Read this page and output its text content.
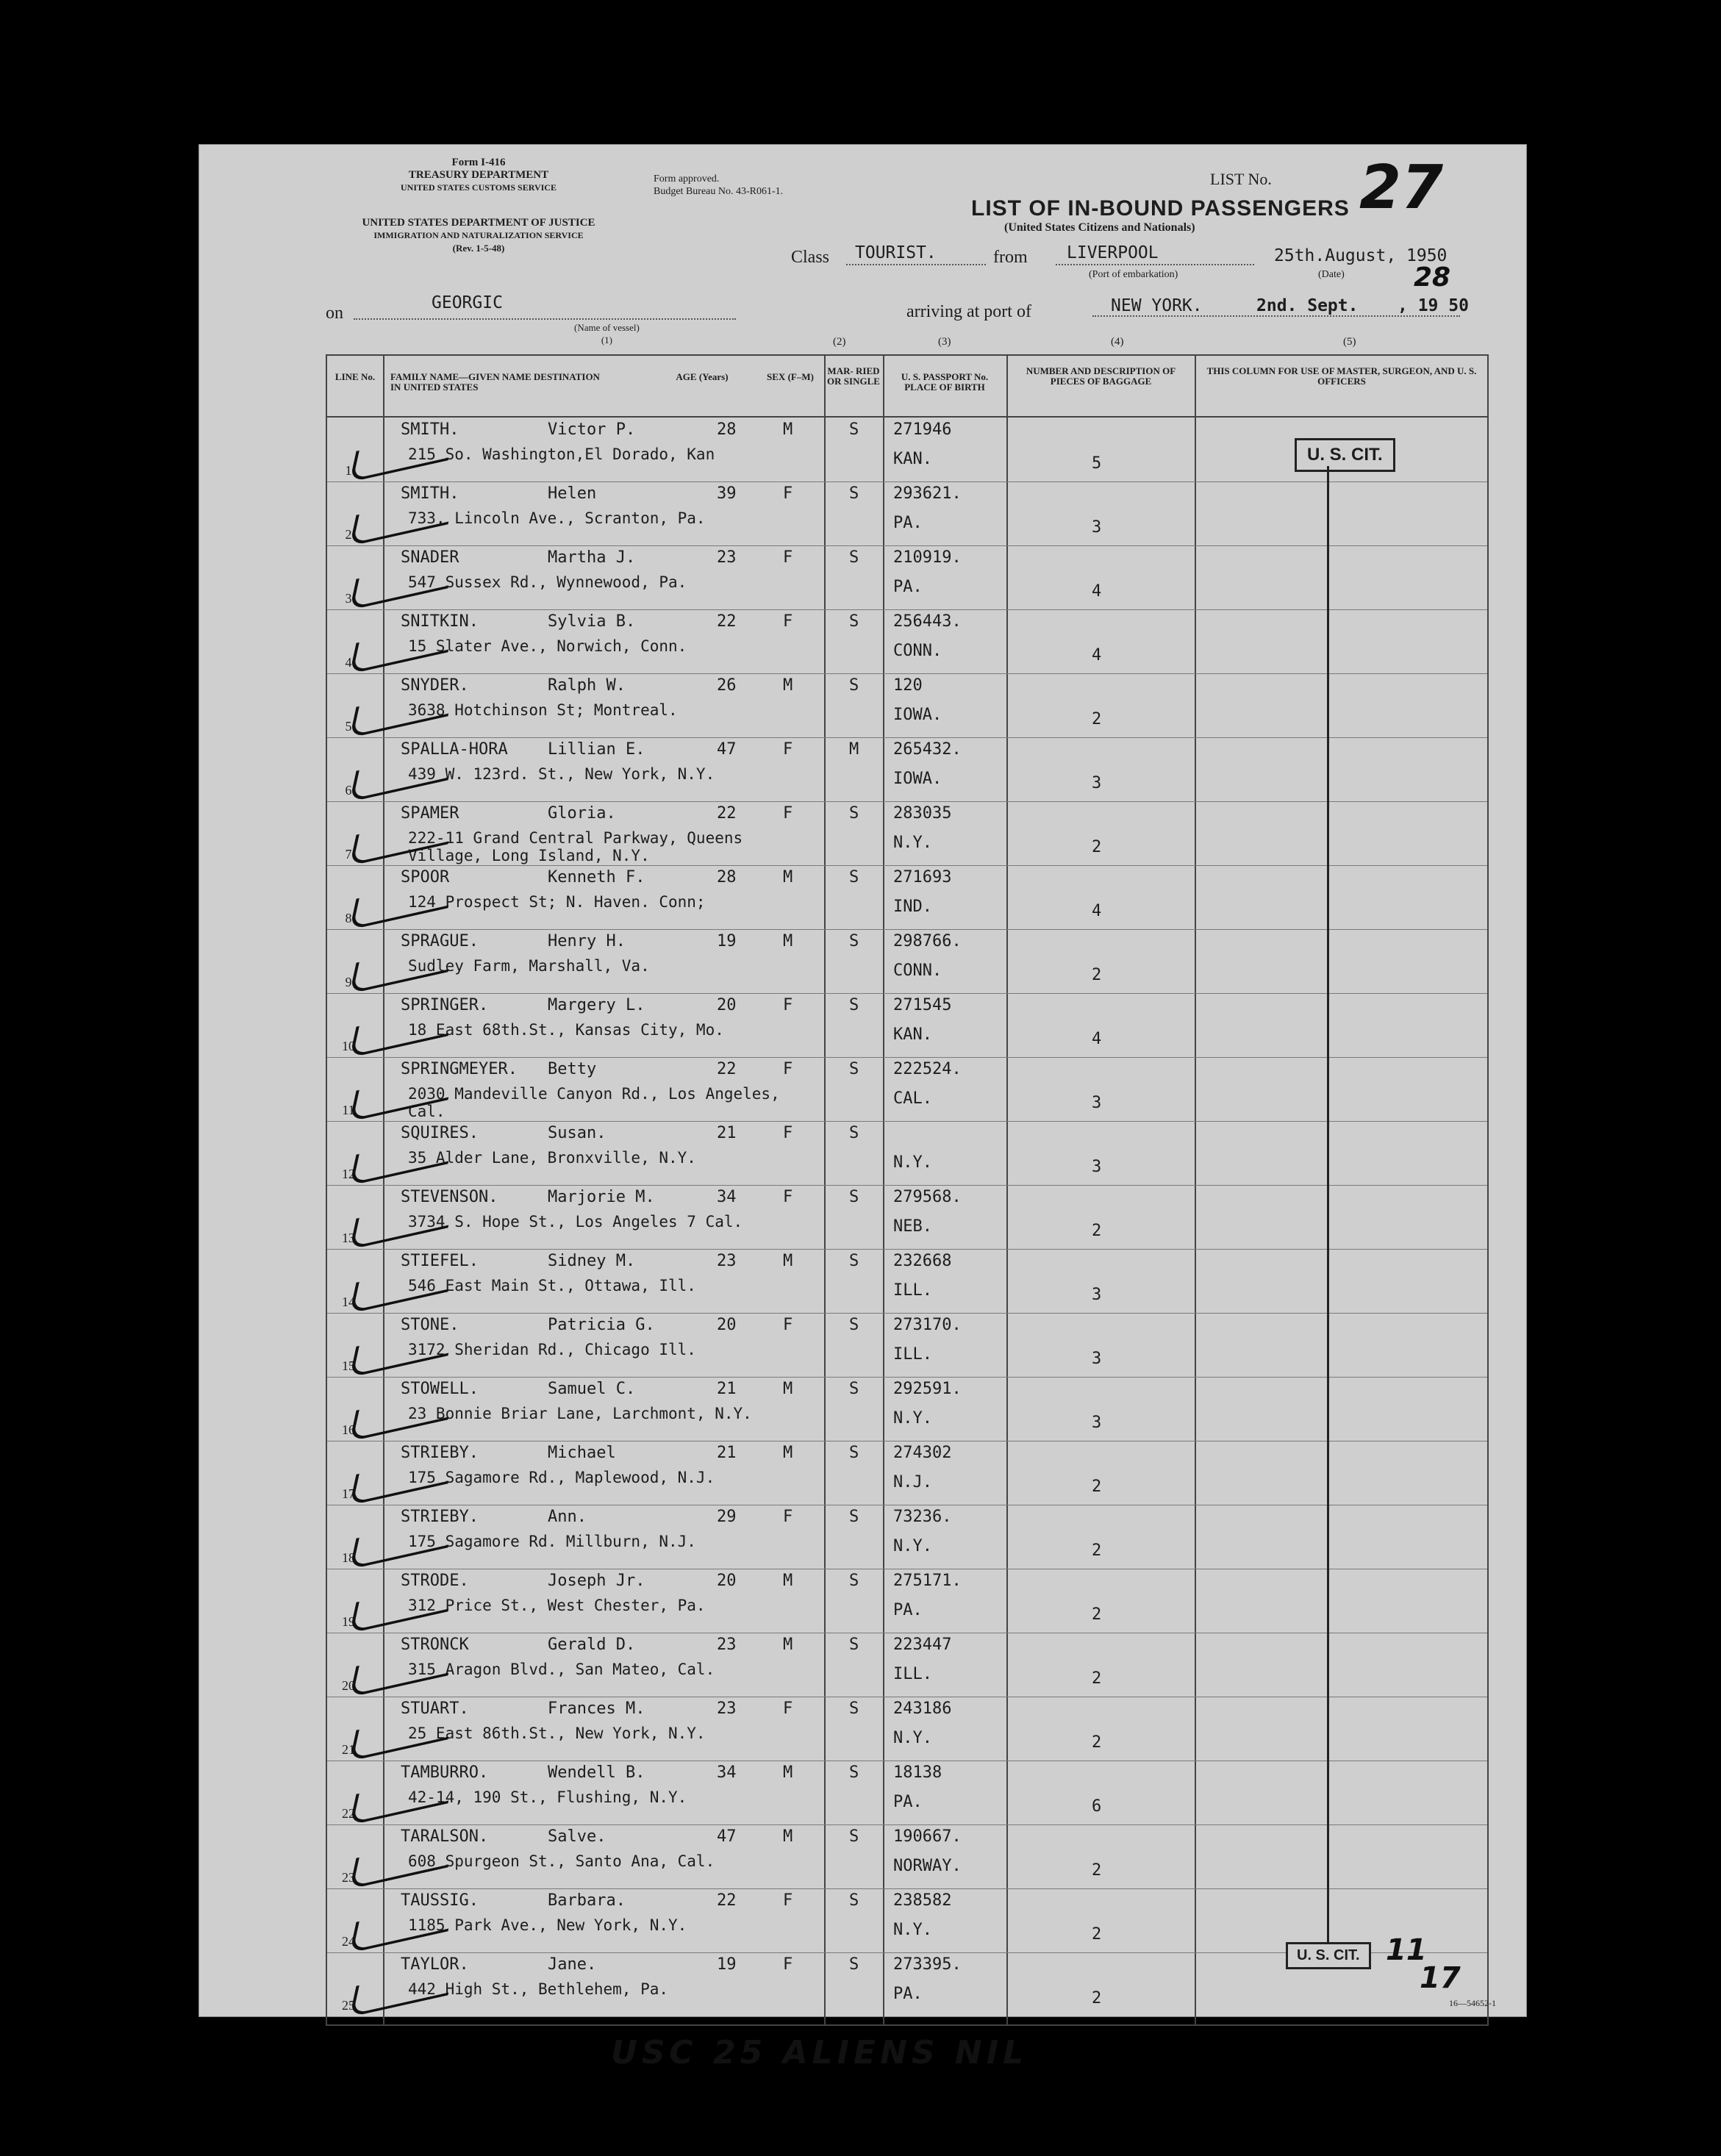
Form I-416
TREASURY DEPARTMENT
UNITED STATES CUSTOMS SERVICE
UNITED STATES DEPARTMENT OF JUSTICE
IMMIGRATION AND NATURALIZATION SERVICE
(Rev. 1-5-48)
Form approved.
Budget Bureau No. 43-R061-1.
LIST No. 27
LIST OF IN-BOUND PASSENGERS
(United States Citizens and Nationals)
Class TOURIST.	from LIVERPOOL
(Port of embarkation)
25th.August, 1950
(Date)	28
on
GEORGIC
(Name of vessel)
(1)
arriving at port of	NEW YORK.	2nd. Sept. , 19 50
(2)	(3)	(4)	(5)
LINE No.	FAMILY NAME—GIVEN NAME DESTINATION IN UNITED STATES
AGE (Years)	SEX (F–M)
MAR- RIED OR SINGLE	U. S. PASSPORT No. PLACE OF BIRTH
NUMBER AND DESCRIPTION OF PIECES OF BAGGAGE
THIS COLUMN FOR USE OF MASTER, SURGEON, AND U. S. OFFICERS
1
SMITH.	Victor P.	28	M	S 271946
215 So. Washington,El Dorado, Kan	KAN.	5
2
SMITH.	Helen	39	F	S 293621.
733, Lincoln Ave., Scranton, Pa.	PA.	3
3
SNADER	Martha J.	23	F	S 210919.
547 Sussex Rd., Wynnewood, Pa.	PA.	4
4
SNITKIN.	Sylvia B.	22	F	S 256443.
15 Slater Ave., Norwich, Conn.	CONN.	4
5
SNYDER.	Ralph W.	26	M	S 120
3638 Hotchinson St; Montreal.	IOWA.	2
6
SPALLA-HORA Lillian E.	47	F	M 265432.
439 W. 123rd. St., New York, N.Y.	IOWA.	3
7
SPAMER	Gloria.	22	F	S 283035
222-11 Grand Central Parkway, Queens Village, Long Island, N.Y.
N.Y.	2
8
SPOOR	Kenneth F.	28	M	S 271693
124 Prospect St; N. Haven. Conn;	IND.	4
9
SPRAGUE.	Henry H.	19	M	S 298766.
Sudley Farm, Marshall, Va.	CONN.	2
10
SPRINGER.	Margery L.	20	F	S 271545
18 East 68th.St., Kansas City, Mo.	KAN.	4
11
SPRINGMEYER. Betty	22	F	S 222524.
2030 Mandeville Canyon Rd., Los Angeles, Cal.
CAL.	3
12
SQUIRES.	Susan.	21	F	S
35 Alder Lane, Bronxville, N.Y.	N.Y.	3
13
STEVENSON.	Marjorie M.	34	F	S 279568.
3734 S. Hope St., Los Angeles 7 Cal.	NEB.	2
14
STIEFEL.	Sidney M.	23	M	S 232668
546 East Main St., Ottawa, Ill.	ILL.	3
15
STONE.	Patricia G.	20	F	S 273170.
3172 Sheridan Rd., Chicago Ill.	ILL.	3
16
STOWELL.	Samuel C.	21	M	S 292591.
23 Bonnie Briar Lane, Larchmont, N.Y.	N.Y.	3
17
STRIEBY.	Michael	21	M	S 274302
175 Sagamore Rd., Maplewood, N.J.	N.J.	2
18
STRIEBY.	Ann.	29	F	S 73236.
175 Sagamore Rd. Millburn, N.J.	N.Y.	2
19
STRODE.	Joseph Jr.	20	M	S 275171.
312 Price St., West Chester, Pa.	PA.	2
20
STRONCK	Gerald D.	23	M	S 223447
315 Aragon Blvd., San Mateo, Cal.	ILL.	2
21
STUART.	Frances M.	23	F	S 243186
25 East 86th.St., New York, N.Y.	N.Y.	2
22
TAMBURRO.	Wendell B.	34	M	S 18138
42-14, 190 St., Flushing, N.Y.	PA.	6
23
TARALSON.	Salve.	47	M	S 190667.
608 Spurgeon St., Santo Ana, Cal.	NORWAY.	2
24
TAUSSIG.	Barbara.	22	F	S 238582
1185 Park Ave., New York, N.Y.	N.Y.	2
25
TAYLOR.	Jane.	19	F	S 273395.
442 High St., Bethlehem, Pa.	PA.	2
U. S. CIT.
U. S. CIT. 11
17
USC 25 ALIENS NIL
16—54652-1
